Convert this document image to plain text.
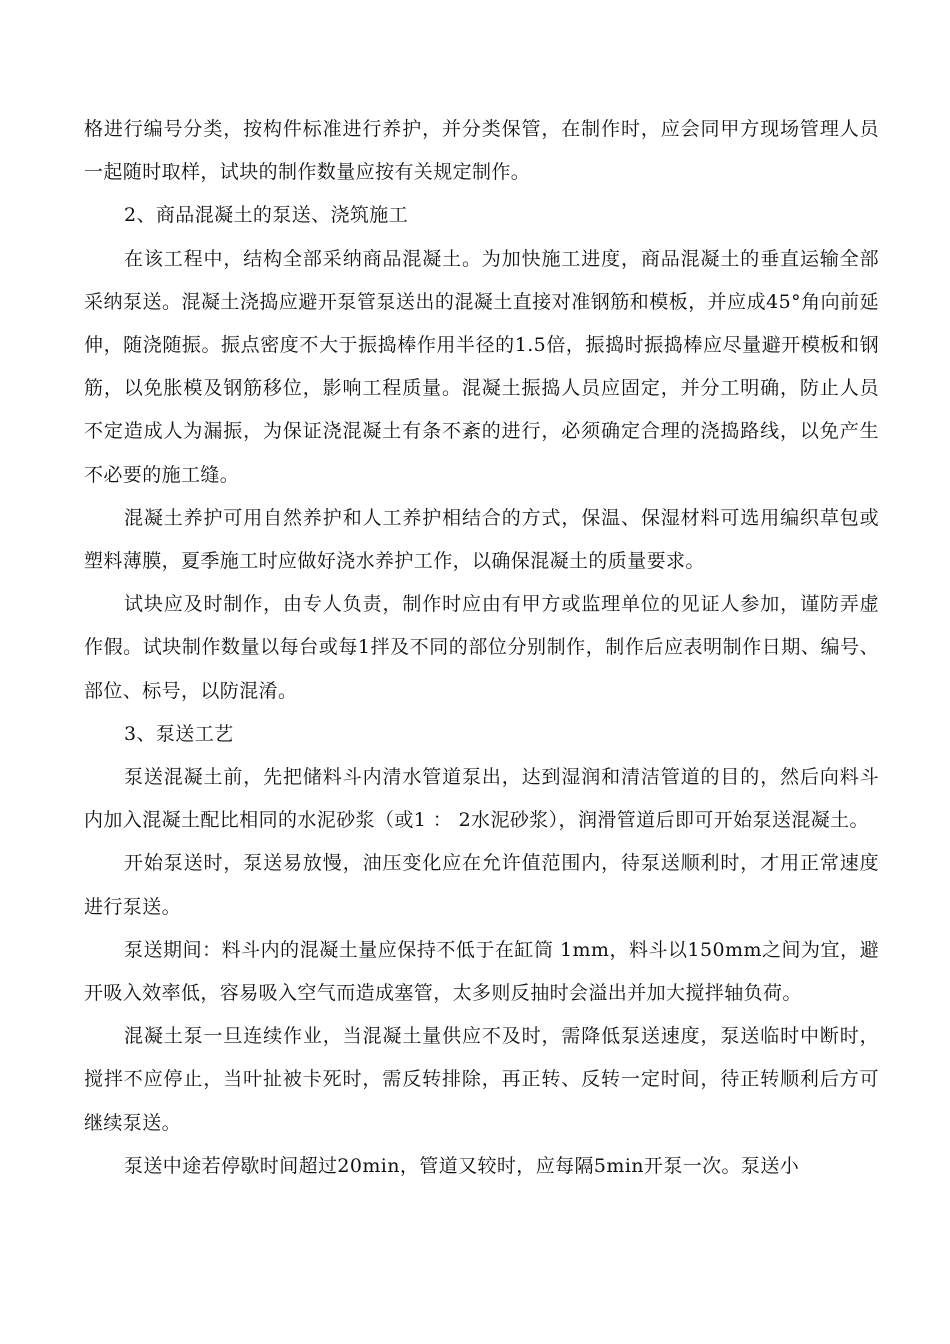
格进行编号分类，按构件标准进行养护，并分类保管，在制作时，应会同甲方现场管理人员一起随时取样，试块的制作数量应按有关规定制作。

2、商品混凝土的泵送、浇筑施工

在该工程中，结构全部采纳商品混凝土。为加快施工进度，商品混凝土的垂直运输全部采纳泵送。混凝土浇捣应避开泵管泵送出的混凝土直接对准钢筋和模板，并应成45°角向前延伸，随浇随振。振点密度不大于振捣棒作用半径的1.5倍，振捣时振捣棒应尽量避开模板和钢筋，以免胀模及钢筋移位，影响工程质量。混凝土振捣人员应固定，并分工明确，防止人员不定造成人为漏振，为保证浇混凝土有条不紊的进行，必须确定合理的浇捣路线，以免产生不必要的施工缝。

混凝土养护可用自然养护和人工养护相结合的方式，保温、保湿材料可选用编织草包或塑料薄膜，夏季施工时应做好浇水养护工作，以确保混凝土的质量要求。

试块应及时制作，由专人负责，制作时应由有甲方或监理单位的见证人参加，谨防弄虚作假。试块制作数量以每台或每1拌及不同的部位分别制作，制作后应表明制作日期、编号、部位、标号，以防混淆。

3、泵送工艺

泵送混凝土前，先把储料斗内清水管道泵出，达到湿润和清洁管道的目的，然后向料斗内加入混凝土配比相同的水泥砂浆（或1 ： 2水泥砂浆），润滑管道后即可开始泵送混凝土。

开始泵送时，泵送易放慢，油压变化应在允许值范围内，待泵送顺利时，才用正常速度进行泵送。

泵送期间：料斗内的混凝土量应保持不低于在缸筒 1mm，料斗以150mm之间为宜，避开吸入效率低，容易吸入空气而造成塞管，太多则反抽时会溢出并加大搅拌轴负荷。

混凝土泵一旦连续作业，当混凝土量供应不及时，需降低泵送速度，泵送临时中断时，搅拌不应停止，当叶扯被卡死时，需反转排除，再正转、反转一定时间，待正转顺利后方可继续泵送。

泵送中途若停歇时间超过20min，管道又较时，应每隔5min开泵一次。泵送小
